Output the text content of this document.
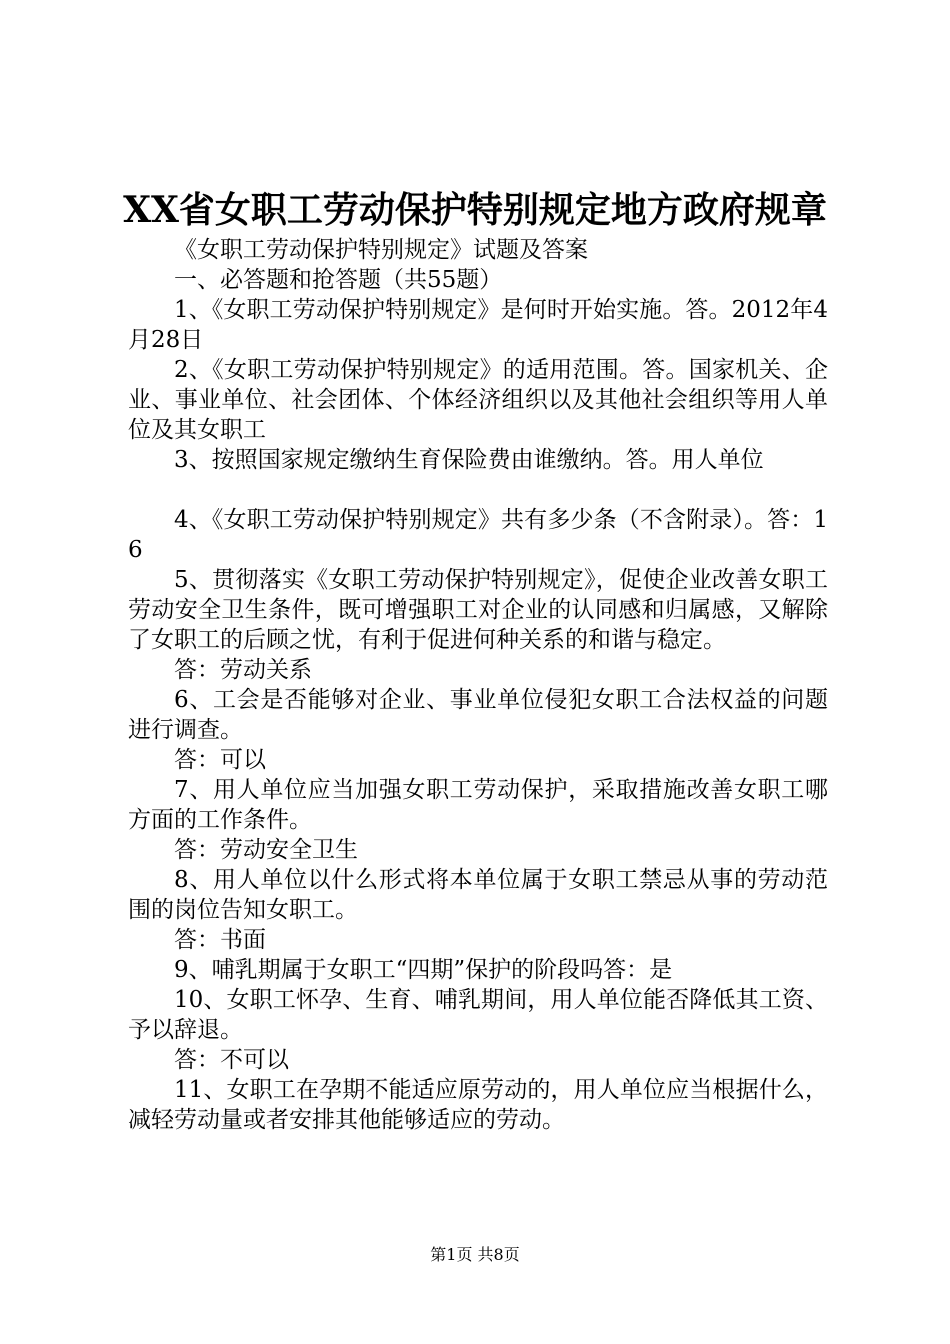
XX省女职工劳动保护特别规定地方政府规章

《女职工劳动保护特别规定》试题及答案

一、必答题和抢答题（共55题）

1、《女职工劳动保护特别规定》是何时开始实施。答。2012年4月28日

2、《女职工劳动保护特别规定》的适用范围。答。国家机关、企业、事业单位、社会团体、个体经济组织以及其他社会组织等用人单位及其女职工

3、按照国家规定缴纳生育保险费由谁缴纳。答。用人单位

4、《女职工劳动保护特别规定》共有多少条（不含附录）。答：16

5、贯彻落实《女职工劳动保护特别规定》，促使企业改善女职工劳动安全卫生条件，既可增强职工对企业的认同感和归属感，又解除了女职工的后顾之忧，有利于促进何种关系的和谐与稳定。

答：劳动关系

6、工会是否能够对企业、事业单位侵犯女职工合法权益的问题进行调查。

答：可以

7、用人单位应当加强女职工劳动保护，采取措施改善女职工哪方面的工作条件。

答：劳动安全卫生

8、用人单位以什么形式将本单位属于女职工禁忌从事的劳动范围的岗位告知女职工。

答：书面

9、哺乳期属于女职工“四期”保护的阶段吗答：是

10、女职工怀孕、生育、哺乳期间，用人单位能否降低其工资、予以辞退。

答：不可以

11、女职工在孕期不能适应原劳动的，用人单位应当根据什么，减轻劳动量或者安排其他能够适应的劳动。

第1页 共8页
